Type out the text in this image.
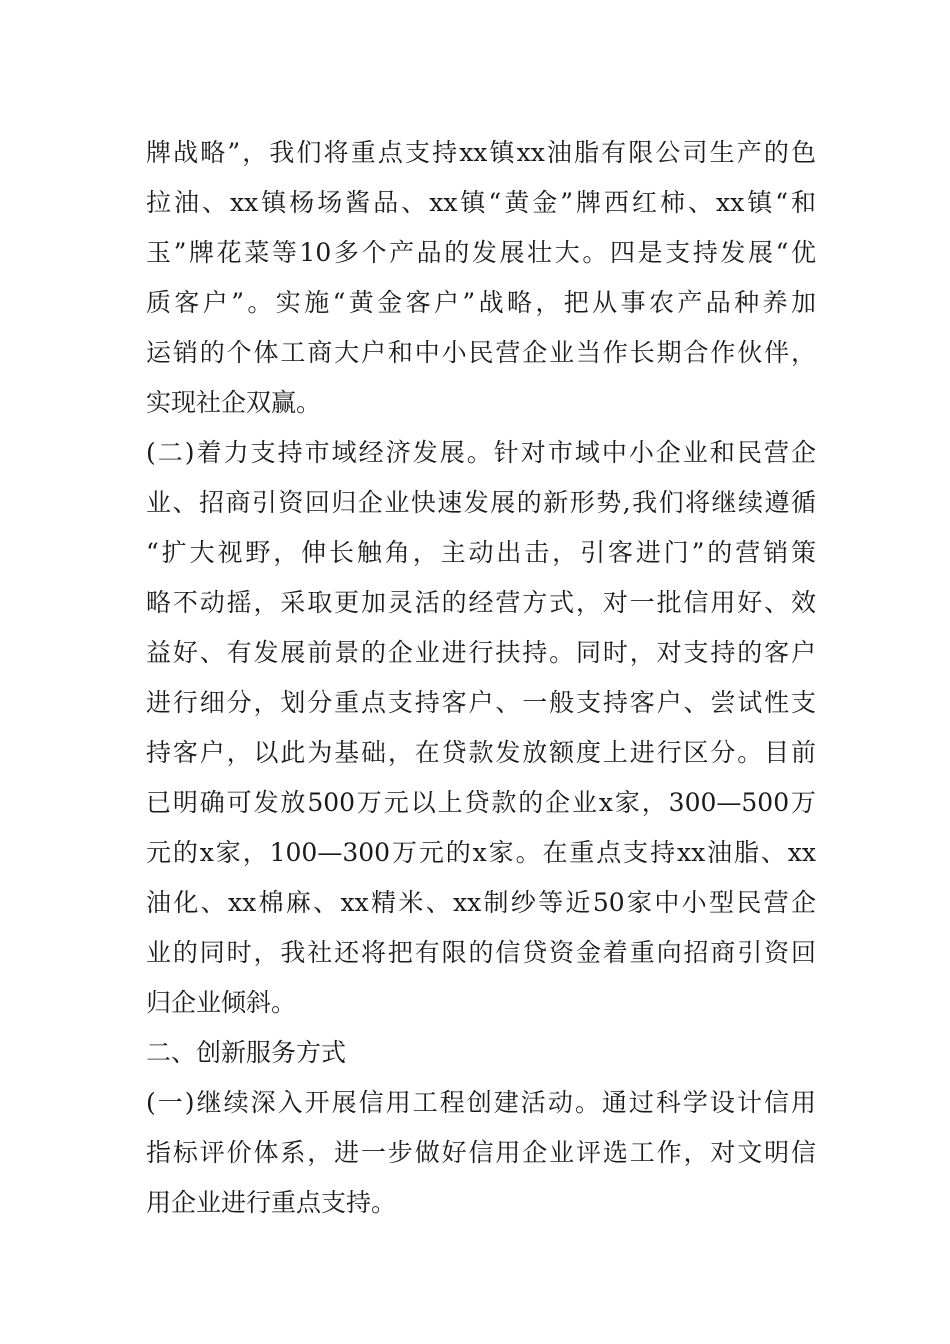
牌战略”，我们将重点支持xx镇xx油脂有限公司生产的色
拉油、xx镇杨场酱品、xx镇“黄金”牌西红柿、xx镇“和
玉”牌花菜等10多个产品的发展壮大。四是支持发展“优
质客户”。实施“黄金客户”战略，把从事农产品种养加
运销的个体工商大户和中小民营企业当作长期合作伙伴，
实现社企双赢。
(二)着力支持市域经济发展。针对市域中小企业和民营企
业、招商引资回归企业快速发展的新形势,我们将继续遵循
“扩大视野，伸长触角，主动出击，引客进门”的营销策
略不动摇，采取更加灵活的经营方式，对一批信用好、效
益好、有发展前景的企业进行扶持。同时，对支持的客户
进行细分，划分重点支持客户、一般支持客户、尝试性支
持客户，以此为基础，在贷款发放额度上进行区分。目前
已明确可发放500万元以上贷款的企业x家，300—500万
元的x家，100—300万元的x家。在重点支持xx油脂、xx
油化、xx棉麻、xx精米、xx制纱等近50家中小型民营企
业的同时，我社还将把有限的信贷资金着重向招商引资回
归企业倾斜。
二、创新服务方式
(一)继续深入开展信用工程创建活动。通过科学设计信用
指标评价体系，进一步做好信用企业评选工作，对文明信
用企业进行重点支持。
